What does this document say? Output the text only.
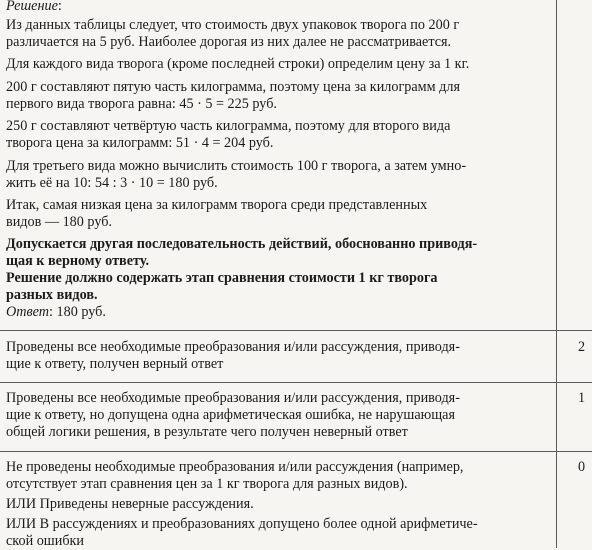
Решение:

Из данных таблицы следует, что стоимость двух упаковок творога по 200 г

различается на 5 руб. Наиболее дорогая из них далее не рассматривается.

Для каждого вида творога (кроме последней строки) определим цену за 1 кг.

200 г составляют пятую часть килограмма, поэтому цена за килограмм для

первого вида творога равна: 45 · 5 = 225 руб.

250 г составляют четвёртую часть килограмма, поэтому для второго вида

творога цена за килограмм: 51 · 4 = 204 руб.

Для третьего вида можно вычислить стоимость 100 г творога, а затем умно-

жить её на 10: 54 : 3 · 10 = 180 руб.

Итак, самая низкая цена за килограмм творога среди представленных

видов — 180 руб.

Допускается другая последовательность действий, обоснованно приводя-

щая к верному ответу.

Решение должно содержать этап сравнения стоимости 1 кг творога

разных видов.

Ответ: 180 руб.

Проведены все необходимые преобразования и/или рассуждения, приводя-

щие к ответу, получен верный ответ

2

Проведены все необходимые преобразования и/или рассуждения, приводя-

щие к ответу, но допущена одна арифметическая ошибка, не нарушающая

общей логики решения, в результате чего получен неверный ответ

1

Не проведены необходимые преобразования и/или рассуждения (например,

отсутствует этап сравнения цен за 1 кг творога для разных видов).

ИЛИ Приведены неверные рассуждения.

ИЛИ В рассуждениях и преобразованиях допущено более одной арифметиче-

ской ошибки

0
